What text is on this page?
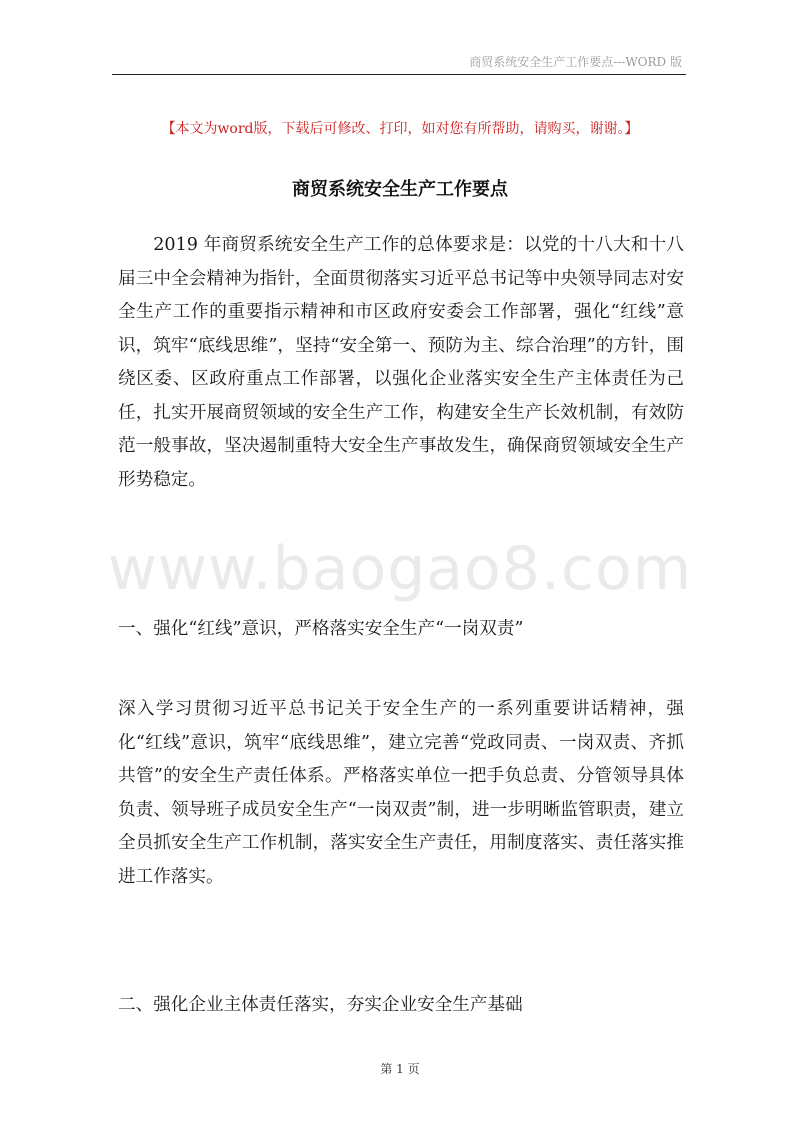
商贸系统安全生产工作要点---WORD 版
【本文为word版，下载后可修改、打印，如对您有所帮助，请购买，谢谢。】
商贸系统安全生产工作要点

2019 年商贸系统安全生产工作的总体要求是：以党的十八大和十八届三中全会精神为指针，全面贯彻落实习近平总书记等中央领导同志对安全生产工作的重要指示精神和市区政府安委会工作部署，强化“红线”意识，筑牢“底线思维”，坚持“安全第一、预防为主、综合治理”的方针，围绕区委、区政府重点工作部署，以强化企业落实安全生产主体责任为己任，扎实开展商贸领域的安全生产工作，构建安全生产长效机制，有效防范一般事故，坚决遏制重特大安全生产事故发生，确保商贸领域安全生产形势稳定。

www.baogao8.com

一、强化“红线”意识，严格落实安全生产“一岗双责”

深入学习贯彻习近平总书记关于安全生产的一系列重要讲话精神，强化“红线”意识，筑牢“底线思维”，建立完善“党政同责、一岗双责、齐抓共管”的安全生产责任体系。严格落实单位一把手负总责、分管领导具体负责、领导班子成员安全生产“一岗双责”制，进一步明晰监管职责，建立全员抓安全生产工作机制，落实安全生产责任，用制度落实、责任落实推进工作落实。

二、强化企业主体责任落实，夯实企业安全生产基础

第 1 页
